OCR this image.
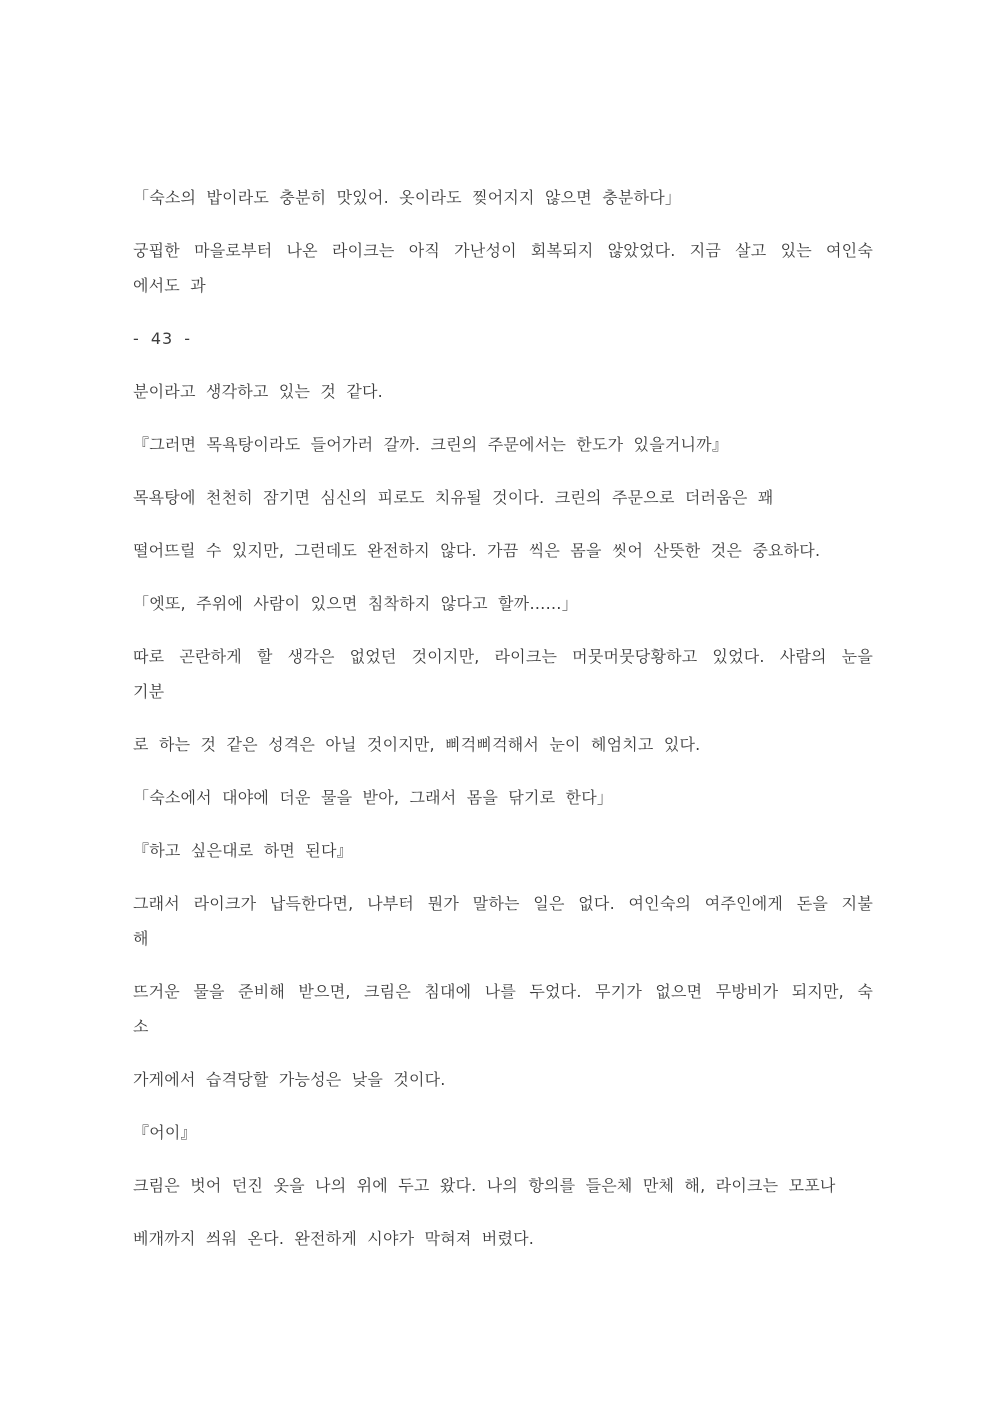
「숙소의 밥이라도 충분히 맛있어. 옷이라도 찢어지지 않으면 충분하다」
궁핍한 마을로부터 나온 라이크는 아직 가난성이 회복되지 않았었다. 지금 살고 있는 여인숙
에서도 과
- 43 -
분이라고 생각하고 있는 것 같다.
『그러면 목욕탕이라도 들어가러 갈까. 크린의 주문에서는 한도가 있을거니까』
목욕탕에 천천히 잠기면 심신의 피로도 치유될 것이다. 크린의 주문으로 더러움은 꽤
떨어뜨릴 수 있지만, 그런데도 완전하지 않다. 가끔 씩은 몸을 씻어 산뜻한 것은 중요하다.
「엣또, 주위에 사람이 있으면 침착하지 않다고 할까……」
따로 곤란하게 할 생각은 없었던 것이지만, 라이크는 머뭇머뭇당황하고 있었다. 사람의 눈을
기분
로 하는 것 같은 성격은 아닐 것이지만, 삐걱삐걱해서 눈이 헤엄치고 있다.
「숙소에서 대야에 더운 물을 받아, 그래서 몸을 닦기로 한다」
『하고 싶은대로 하면 된다』
그래서 라이크가 납득한다면, 나부터 뭔가 말하는 일은 없다. 여인숙의 여주인에게 돈을 지불
해
뜨거운 물을 준비해 받으면, 크림은 침대에 나를 두었다. 무기가 없으면 무방비가 되지만, 숙
소
가게에서 습격당할 가능성은 낮을 것이다.
『어이』
크림은 벗어 던진 옷을 나의 위에 두고 왔다. 나의 항의를 들은체 만체 해, 라이크는 모포나
베개까지 씌워 온다. 완전하게 시야가 막혀져 버렸다.
